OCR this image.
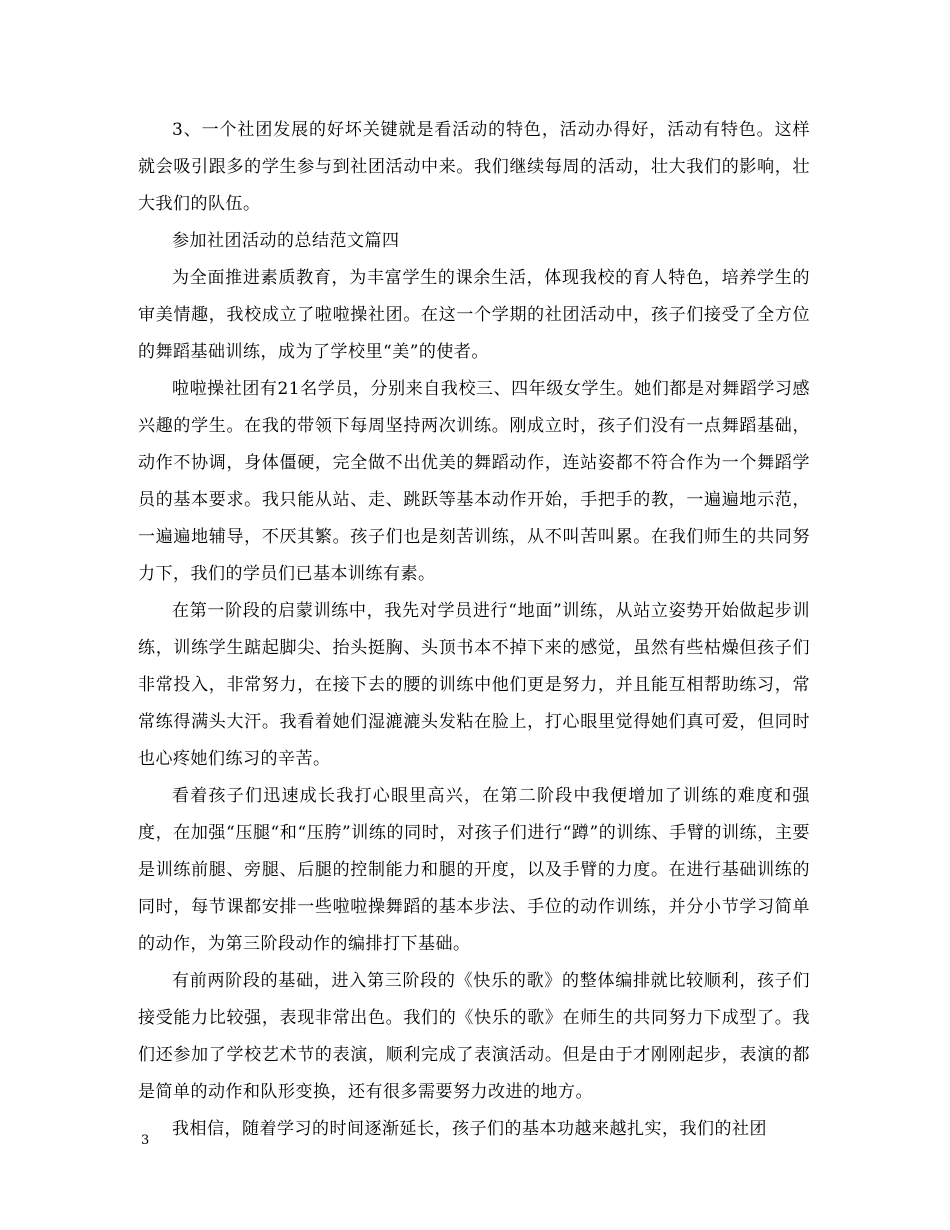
3、一个社团发展的好坏关键就是看活动的特色，活动办得好，活动有特色。这样就会吸引跟多的学生参与到社团活动中来。我们继续每周的活动，壮大我们的影响，壮大我们的队伍。

参加社团活动的总结范文篇四

为全面推进素质教育，为丰富学生的课余生活，体现我校的育人特色，培养学生的审美情趣，我校成立了啦啦操社团。在这一个学期的社团活动中，孩子们接受了全方位的舞蹈基础训练，成为了学校里“美”的使者。

啦啦操社团有21名学员，分别来自我校三、四年级女学生。她们都是对舞蹈学习感兴趣的学生。在我的带领下每周坚持两次训练。刚成立时，孩子们没有一点舞蹈基础，动作不协调，身体僵硬，完全做不出优美的舞蹈动作，连站姿都不符合作为一个舞蹈学员的基本要求。我只能从站、走、跳跃等基本动作开始，手把手的教，一遍遍地示范，一遍遍地辅导，不厌其繁。孩子们也是刻苦训练，从不叫苦叫累。在我们师生的共同努力下，我们的学员们已基本训练有素。

在第一阶段的启蒙训练中，我先对学员进行“地面”训练，从站立姿势开始做起步训练，训练学生踮起脚尖、抬头挺胸、头顶书本不掉下来的感觉，虽然有些枯燥但孩子们非常投入，非常努力，在接下去的腰的训练中他们更是努力，并且能互相帮助练习，常常练得满头大汗。我看着她们湿漉漉头发粘在脸上，打心眼里觉得她们真可爱，但同时也心疼她们练习的辛苦。

看着孩子们迅速成长我打心眼里高兴，在第二阶段中我便增加了训练的难度和强度，在加强“压腿“和“压胯”训练的同时，对孩子们进行“蹲”的训练、手臂的训练，主要是训练前腿、旁腿、后腿的控制能力和腿的开度，以及手臂的力度。在进行基础训练的同时，每节课都安排一些啦啦操舞蹈的基本步法、手位的动作训练，并分小节学习简单的动作，为第三阶段动作的编排打下基础。

有前两阶段的基础，进入第三阶段的《快乐的歌》的整体编排就比较顺利，孩子们接受能力比较强，表现非常出色。我们的《快乐的歌》在师生的共同努力下成型了。我们还参加了学校艺术节的表演，顺利完成了表演活动。但是由于才刚刚起步，表演的都是简单的动作和队形变换，还有很多需要努力改进的地方。

我相信，随着学习的时间逐渐延长，孩子们的基本功越来越扎实，我们的社团

3
